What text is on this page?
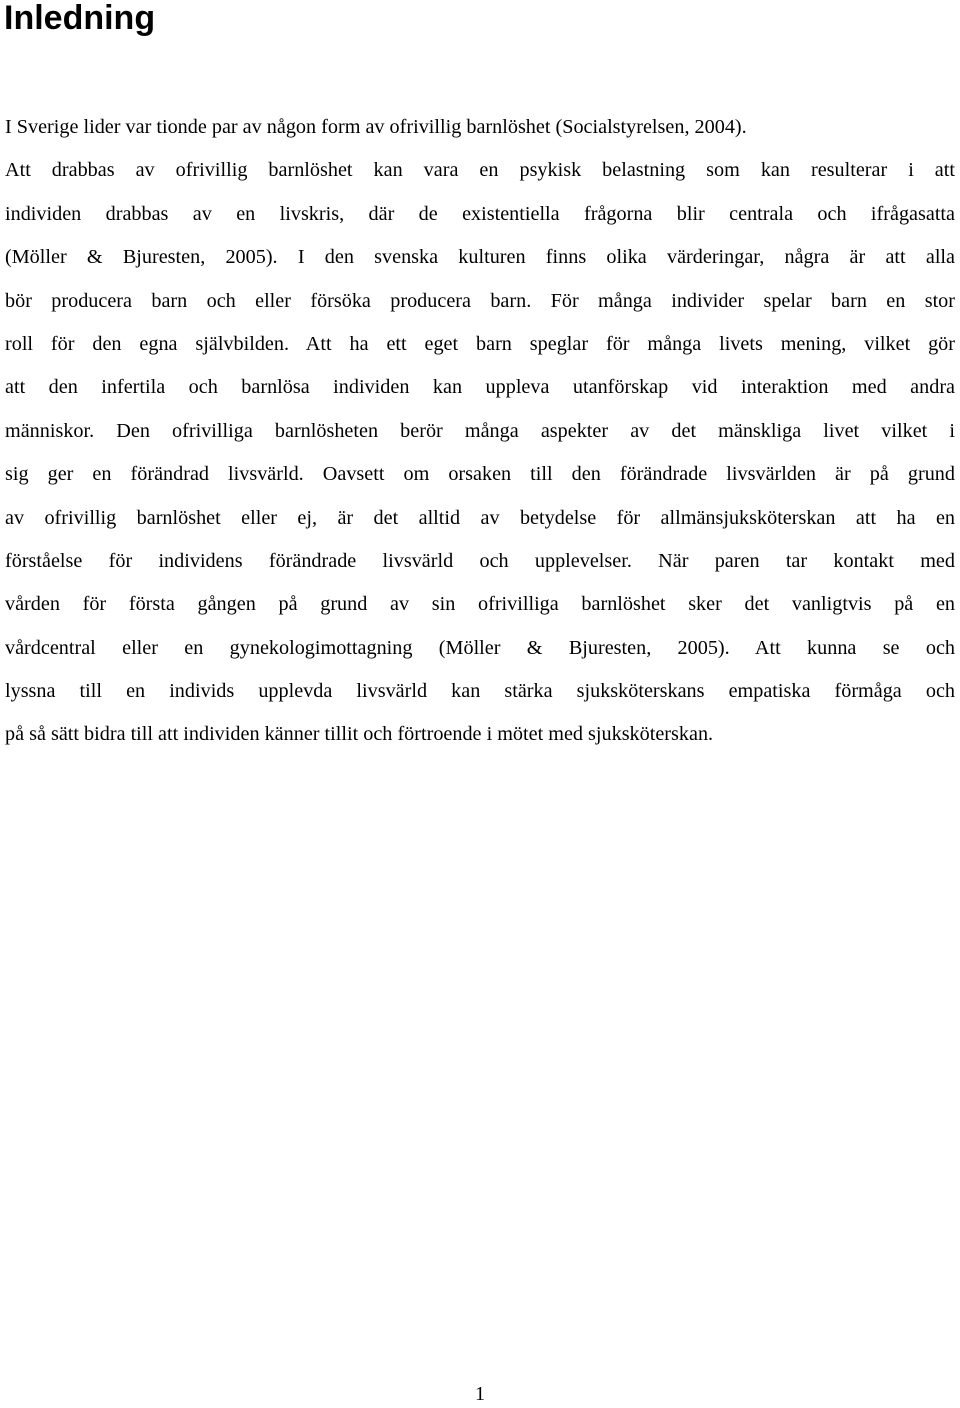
Inledning
I Sverige lider var tionde par av någon form av ofrivillig barnlöshet (Socialstyrelsen, 2004).
Att drabbas av ofrivillig barnlöshet kan vara en psykisk belastning som kan resulterar i att
individen drabbas av en livskris, där de existentiella frågorna blir centrala och ifrågasatta
(Möller & Bjuresten, 2005). I den svenska kulturen finns olika värderingar, några är att alla
bör producera barn och eller försöka producera barn. För många individer spelar barn en stor
roll för den egna självbilden. Att ha ett eget barn speglar för många livets mening, vilket gör
att den infertila och barnlösa individen kan uppleva utanförskap vid interaktion med andra
människor. Den ofrivilliga barnlösheten berör många aspekter av det mänskliga livet vilket i
sig ger en förändrad livsvärld. Oavsett om orsaken till den förändrade livsvärlden är på grund
av ofrivillig barnlöshet eller ej, är det alltid av betydelse för allmänsjuksköterskan att ha en
förståelse för individens förändrade livsvärld och upplevelser. När paren tar kontakt med
vården för första gången på grund av sin ofrivilliga barnlöshet sker det vanligtvis på en
vårdcentral eller en gynekologimottagning (Möller & Bjuresten, 2005). Att kunna se och
lyssna till en individs upplevda livsvärld kan stärka sjuksköterskans empatiska förmåga och
på så sätt bidra till att individen känner tillit och förtroende i mötet med sjuksköterskan.
1
